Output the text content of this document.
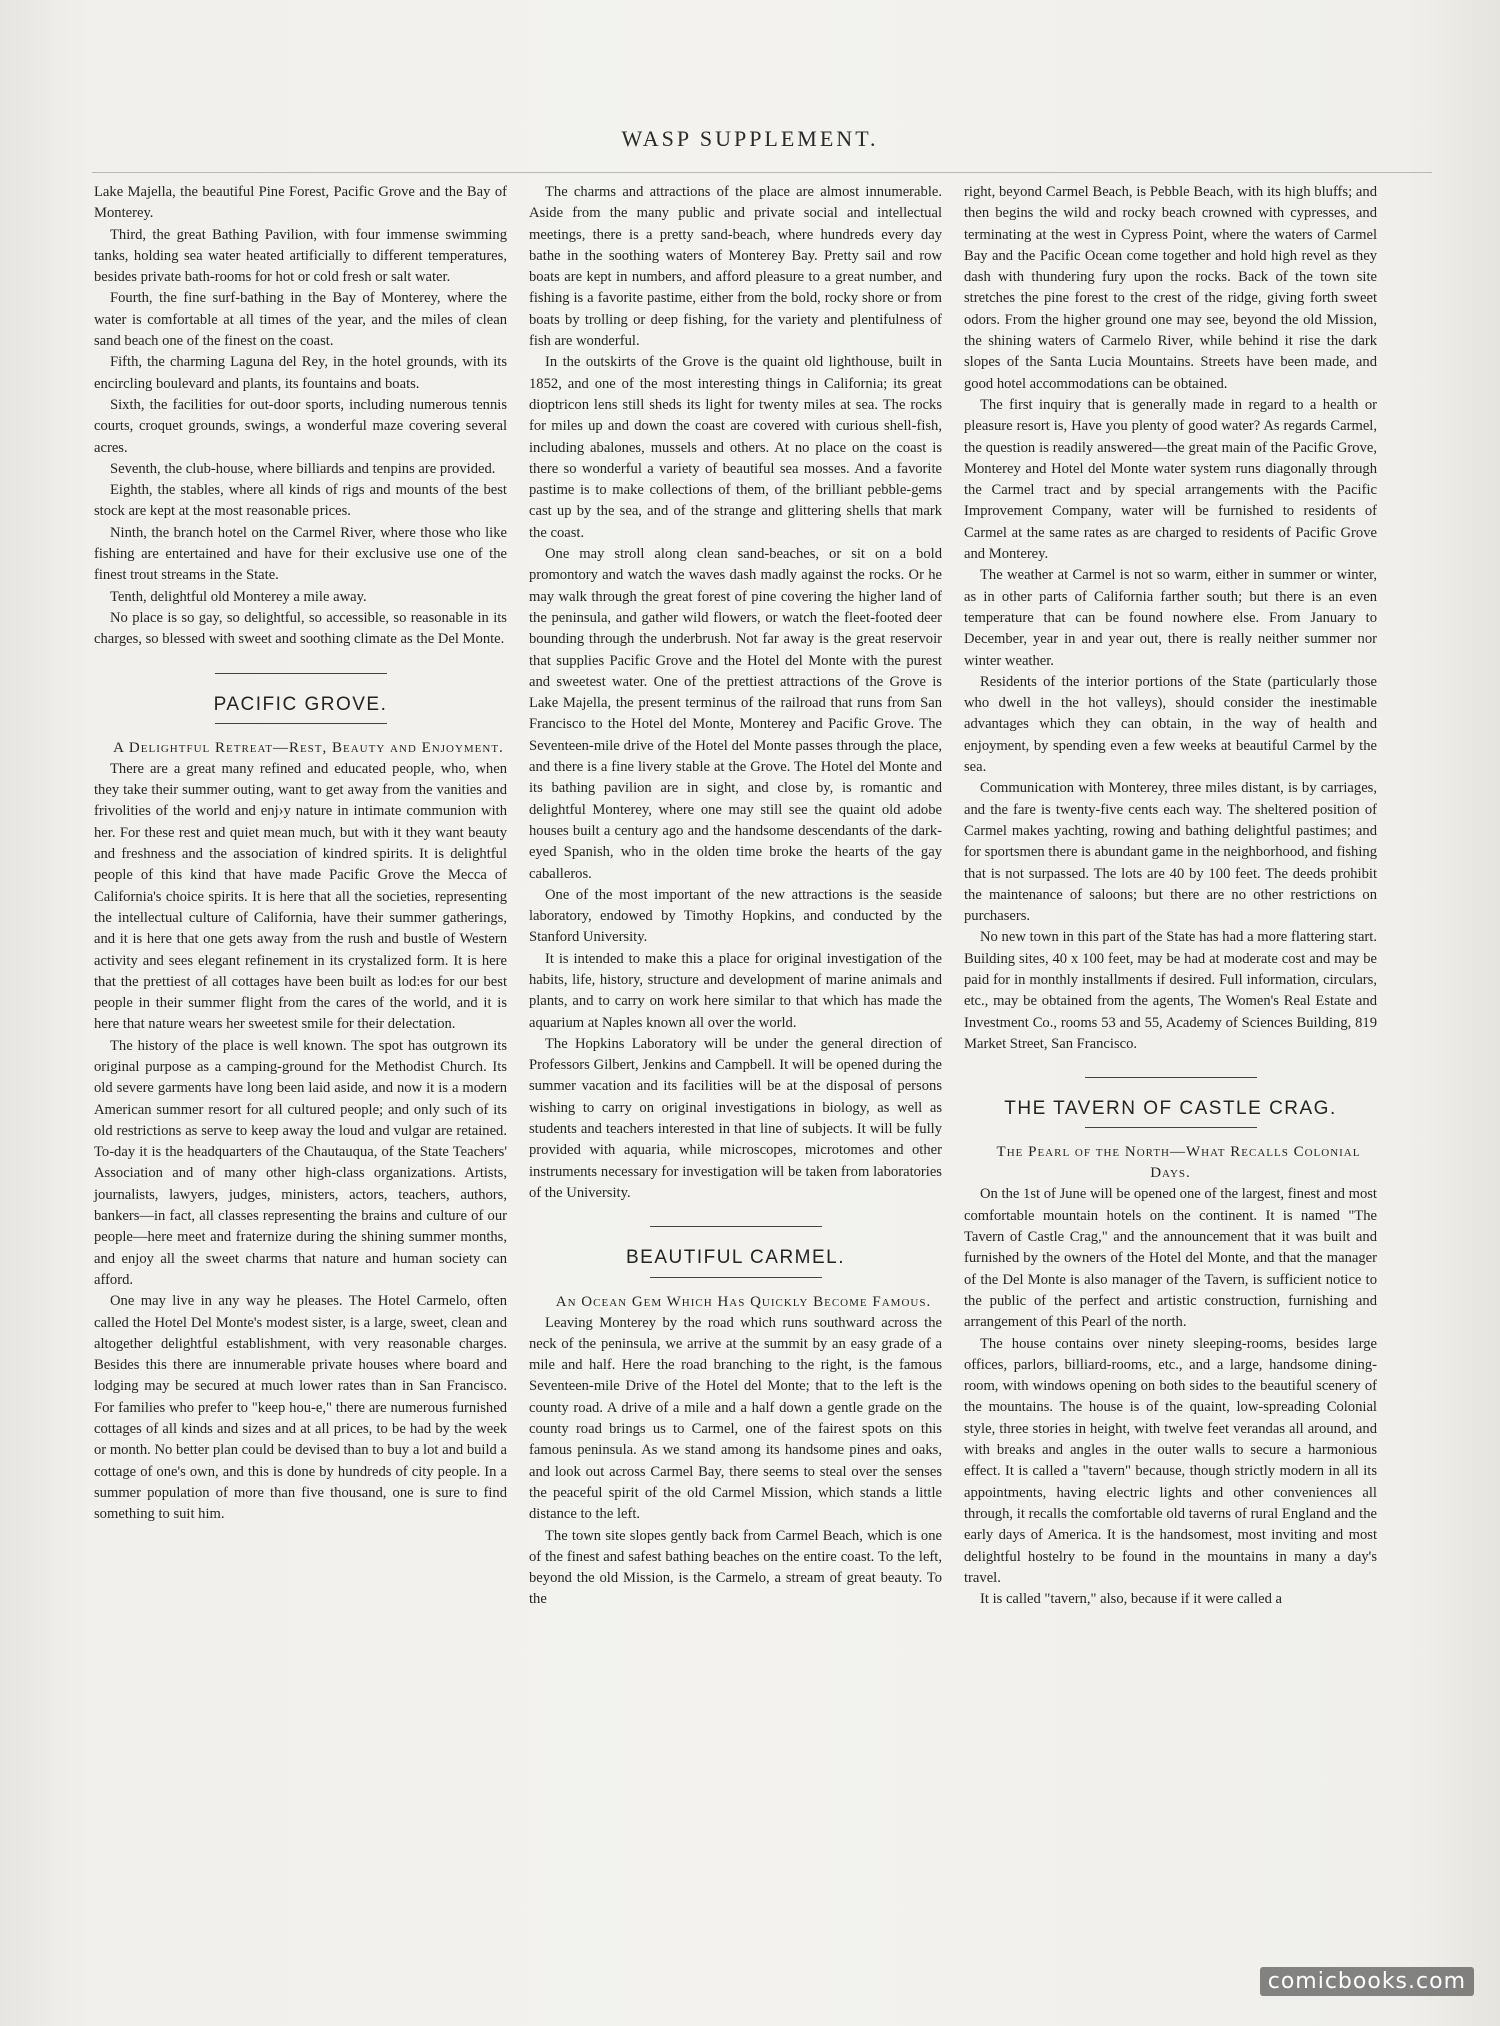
WASP SUPPLEMENT.

Lake Majella, the beautiful Pine Forest, Pacific Grove and the Bay of Monterey.

Third, the great Bathing Pavilion, with four immense swimming tanks, holding sea water heated artificially to different temperatures, besides private bath-rooms for hot or cold fresh or salt water.

Fourth, the fine surf-bathing in the Bay of Monterey, where the water is comfortable at all times of the year, and the miles of clean sand beach one of the finest on the coast.

Fifth, the charming Laguna del Rey, in the hotel grounds, with its encircling boulevard and plants, its fountains and boats.

Sixth, the facilities for out-door sports, including numerous tennis courts, croquet grounds, swings, a wonderful maze covering several acres.

Seventh, the club-house, where billiards and tenpins are provided.

Eighth, the stables, where all kinds of rigs and mounts of the best stock are kept at the most reasonable prices.

Ninth, the branch hotel on the Carmel River, where those who like fishing are entertained and have for their exclusive use one of the finest trout streams in the State.

Tenth, delightful old Monterey a mile away.

No place is so gay, so delightful, so accessible, so reasonable in its charges, so blessed with sweet and soothing climate as the Del Monte.

PACIFIC GROVE.

A Delightful Retreat—Rest, Beauty and Enjoyment.

There are a great many refined and educated people, who, when they take their summer outing, want to get away from the vanities and frivolities of the world and enj›y nature in intimate communion with her. For these rest and quiet mean much, but with it they want beauty and freshness and the association of kindred spirits. It is delightful people of this kind that have made Pacific Grove the Mecca of California's choice spirits. It is here that all the societies, representing the intellectual culture of California, have their summer gatherings, and it is here that one gets away from the rush and bustle of Western activity and sees elegant refinement in its crystalized form. It is here that the prettiest of all cottages have been built as lod:es for our best people in their summer flight from the cares of the world, and it is here that nature wears her sweetest smile for their delectation.

The history of the place is well known. The spot has outgrown its original purpose as a camping-ground for the Methodist Church. Its old severe garments have long been laid aside, and now it is a modern American summer resort for all cultured people; and only such of its old restrictions as serve to keep away the loud and vulgar are retained. To-day it is the headquarters of the Chautauqua, of the State Teachers' Association and of many other high-class organizations. Artists, journalists, lawyers, judges, ministers, actors, teachers, authors, bankers—in fact, all classes representing the brains and culture of our people—here meet and fraternize during the shining summer months, and enjoy all the sweet charms that nature and human society can afford.

One may live in any way he pleases. The Hotel Carmelo, often called the Hotel Del Monte's modest sister, is a large, sweet, clean and altogether delightful establishment, with very reasonable charges. Besides this there are innumerable private houses where board and lodging may be secured at much lower rates than in San Francisco. For families who prefer to "keep hou-e," there are numerous furnished cottages of all kinds and sizes and at all prices, to be had by the week or month. No better plan could be devised than to buy a lot and build a cottage of one's own, and this is done by hundreds of city people. In a summer population of more than five thousand, one is sure to find something to suit him.

The charms and attractions of the place are almost innumerable. Aside from the many public and private social and intellectual meetings, there is a pretty sand-beach, where hundreds every day bathe in the soothing waters of Monterey Bay. Pretty sail and row boats are kept in numbers, and afford pleasure to a great number, and fishing is a favorite pastime, either from the bold, rocky shore or from boats by trolling or deep fishing, for the variety and plentifulness of fish are wonderful.

In the outskirts of the Grove is the quaint old lighthouse, built in 1852, and one of the most interesting things in California; its great dioptricon lens still sheds its light for twenty miles at sea. The rocks for miles up and down the coast are covered with curious shell-fish, including abalones, mussels and others. At no place on the coast is there so wonderful a variety of beautiful sea mosses. And a favorite pastime is to make collections of them, of the brilliant pebble-gems cast up by the sea, and of the strange and glittering shells that mark the coast.

One may stroll along clean sand-beaches, or sit on a bold promontory and watch the waves dash madly against the rocks. Or he may walk through the great forest of pine covering the higher land of the peninsula, and gather wild flowers, or watch the fleet-footed deer bounding through the underbrush. Not far away is the great reservoir that supplies Pacific Grove and the Hotel del Monte with the purest and sweetest water. One of the prettiest attractions of the Grove is Lake Majella, the present terminus of the railroad that runs from San Francisco to the Hotel del Monte, Monterey and Pacific Grove. The Seventeen-mile drive of the Hotel del Monte passes through the place, and there is a fine livery stable at the Grove. The Hotel del Monte and its bathing pavilion are in sight, and close by, is romantic and delightful Monterey, where one may still see the quaint old adobe houses built a century ago and the handsome descendants of the dark-eyed Spanish, who in the olden time broke the hearts of the gay caballeros.

One of the most important of the new attractions is the seaside laboratory, endowed by Timothy Hopkins, and conducted by the Stanford University.

It is intended to make this a place for original investigation of the habits, life, history, structure and development of marine animals and plants, and to carry on work here similar to that which has made the aquarium at Naples known all over the world.

The Hopkins Laboratory will be under the general direction of Professors Gilbert, Jenkins and Campbell. It will be opened during the summer vacation and its facilities will be at the disposal of persons wishing to carry on original investigations in biology, as well as students and teachers interested in that line of subjects. It will be fully provided with aquaria, while microscopes, microtomes and other instruments necessary for investigation will be taken from laboratories of the University.

BEAUTIFUL CARMEL.

An Ocean Gem Which Has Quickly Become Famous.

Leaving Monterey by the road which runs southward across the neck of the peninsula, we arrive at the summit by an easy grade of a mile and half. Here the road branching to the right, is the famous Seventeen-mile Drive of the Hotel del Monte; that to the left is the county road. A drive of a mile and a half down a gentle grade on the county road brings us to Carmel, one of the fairest spots on this famous peninsula. As we stand among its handsome pines and oaks, and look out across Carmel Bay, there seems to steal over the senses the peaceful spirit of the old Carmel Mission, which stands a little distance to the left.

The town site slopes gently back from Carmel Beach, which is one of the finest and safest bathing beaches on the entire coast. To the left, beyond the old Mission, is the Carmelo, a stream of great beauty. To the

right, beyond Carmel Beach, is Pebble Beach, with its high bluffs; and then begins the wild and rocky beach crowned with cypresses, and terminating at the west in Cypress Point, where the waters of Carmel Bay and the Pacific Ocean come together and hold high revel as they dash with thundering fury upon the rocks. Back of the town site stretches the pine forest to the crest of the ridge, giving forth sweet odors. From the higher ground one may see, beyond the old Mission, the shining waters of Carmelo River, while behind it rise the dark slopes of the Santa Lucia Mountains. Streets have been made, and good hotel accommodations can be obtained.

The first inquiry that is generally made in regard to a health or pleasure resort is, Have you plenty of good water? As regards Carmel, the question is readily answered—the great main of the Pacific Grove, Monterey and Hotel del Monte water system runs diagonally through the Carmel tract and by special arrangements with the Pacific Improvement Company, water will be furnished to residents of Carmel at the same rates as are charged to residents of Pacific Grove and Monterey.

The weather at Carmel is not so warm, either in summer or winter, as in other parts of California farther south; but there is an even temperature that can be found nowhere else. From January to December, year in and year out, there is really neither summer nor winter weather.

Residents of the interior portions of the State (particularly those who dwell in the hot valleys), should consider the inestimable advantages which they can obtain, in the way of health and enjoyment, by spending even a few weeks at beautiful Carmel by the sea.

Communication with Monterey, three miles distant, is by carriages, and the fare is twenty-five cents each way. The sheltered position of Carmel makes yachting, rowing and bathing delightful pastimes; and for sportsmen there is abundant game in the neighborhood, and fishing that is not surpassed. The lots are 40 by 100 feet. The deeds prohibit the maintenance of saloons; but there are no other restrictions on purchasers.

No new town in this part of the State has had a more flattering start. Building sites, 40 x 100 feet, may be had at moderate cost and may be paid for in monthly installments if desired. Full information, circulars, etc., may be obtained from the agents, The Women's Real Estate and Investment Co., rooms 53 and 55, Academy of Sciences Building, 819 Market Street, San Francisco.

THE TAVERN OF CASTLE CRAG.

The Pearl of the North—What Recalls Colonial Days.

On the 1st of June will be opened one of the largest, finest and most comfortable mountain hotels on the continent. It is named "The Tavern of Castle Crag," and the announcement that it was built and furnished by the owners of the Hotel del Monte, and that the manager of the Del Monte is also manager of the Tavern, is sufficient notice to the public of the perfect and artistic construction, furnishing and arrangement of this Pearl of the north.

The house contains over ninety sleeping-rooms, besides large offices, parlors, billiard-rooms, etc., and a large, handsome dining-room, with windows opening on both sides to the beautiful scenery of the mountains. The house is of the quaint, low-spreading Colonial style, three stories in height, with twelve feet verandas all around, and with breaks and angles in the outer walls to secure a harmonious effect. It is called a "tavern" because, though strictly modern in all its appointments, having electric lights and other conveniences all through, it recalls the comfortable old taverns of rural England and the early days of America. It is the handsomest, most inviting and most delightful hostelry to be found in the mountains in many a day's travel.

It is called "tavern," also, because if it were called a

comicbooks.com
